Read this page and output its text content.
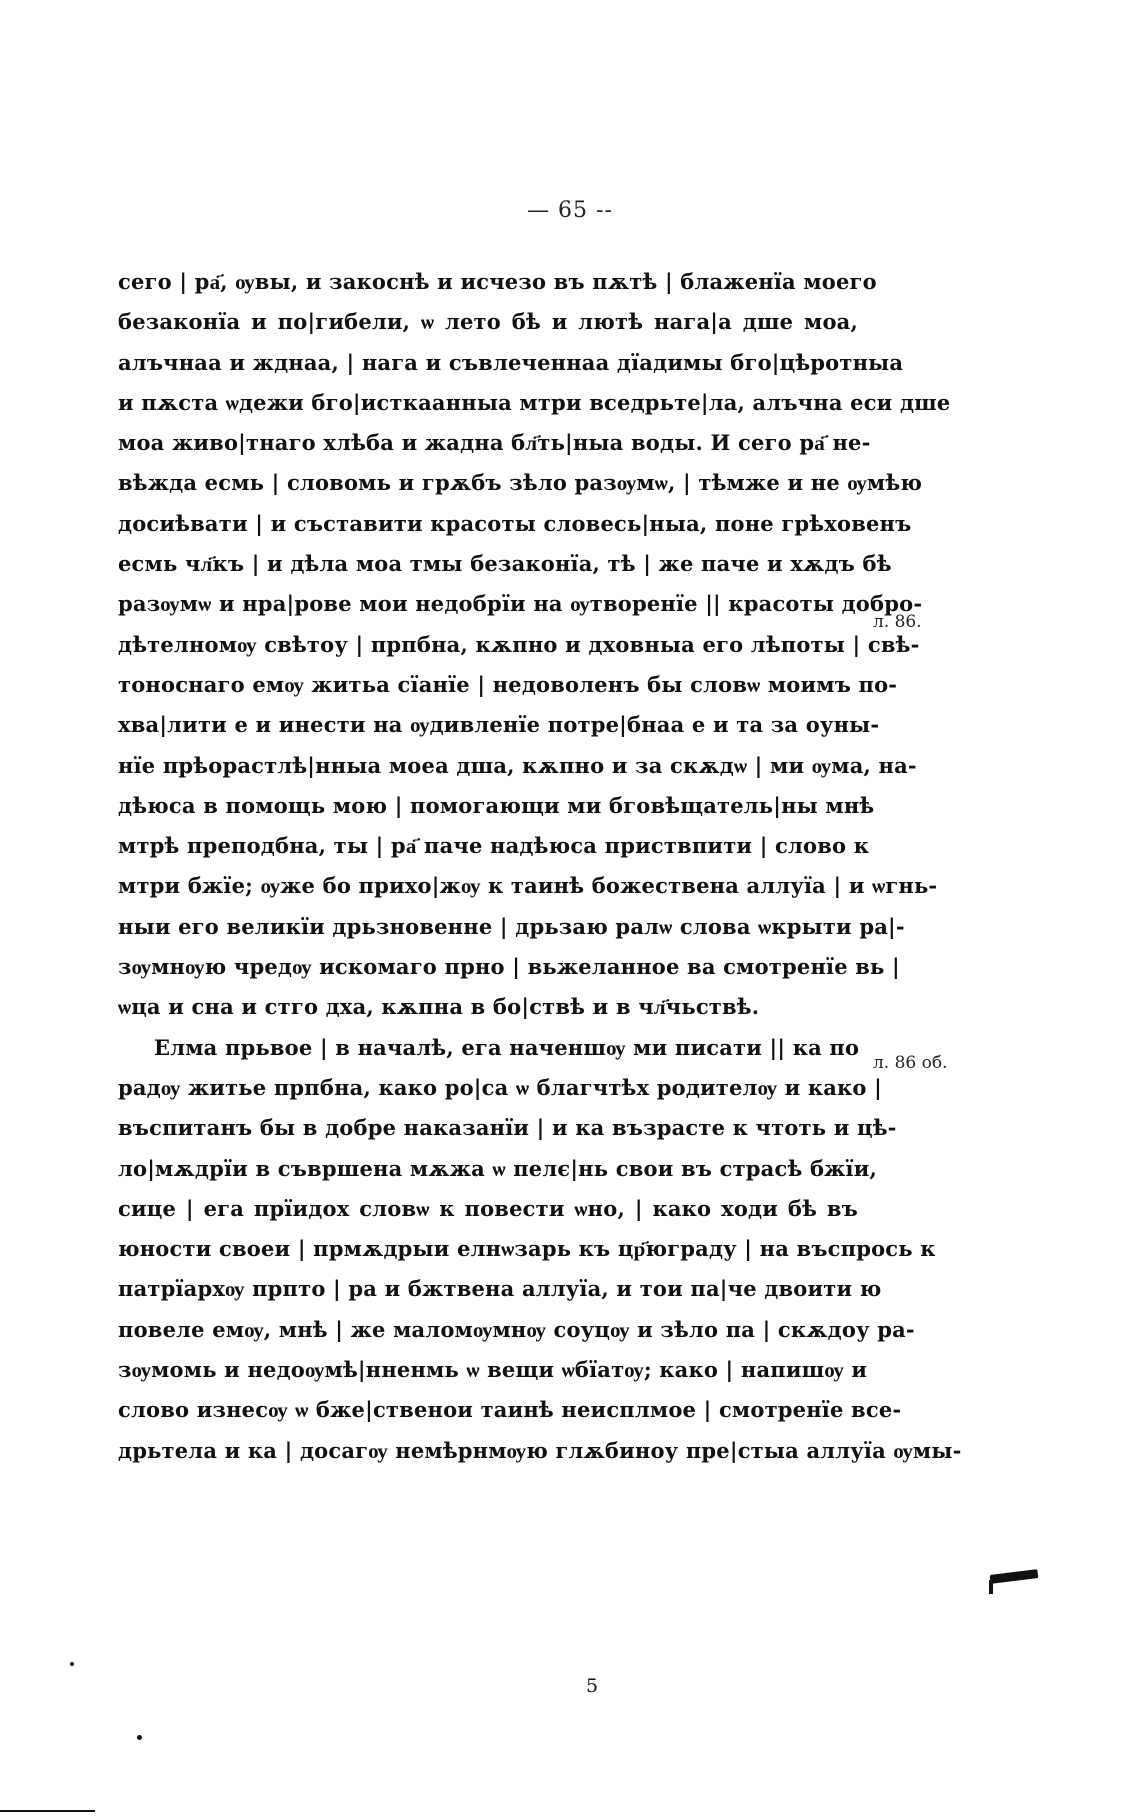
— 65 --
сего | ра҃, ѹвы, и закоснѣ и исчезо въ пѫтѣ | блаженїа моего
безаконїа и по|гибели, ѡ лето бѣ и лютѣ нага|а дше моа,
алъчнаа и жднаа, | нага и съвлеченнаа дїадимы бго|цѣротныа
и пѫста ѡдежи бго|исткаанныа мтри вседрьте|ла, алъчна еси дше
моа живо|тнаго хлѣба и жаднa бл҃ть|ныа воды. И сего ра҃ не-
вѣжда есмь | словомь и грѫбъ зѣло разѹмѡ, | тѣмже и не ѹмѣю
досиѣвати | и съставити красоты словесь|ныа, поне грѣховенъ
есмь чл҃къ | и дѣла моа тмы безаконїа, тѣ | же паче и хѫдъ бѣ
разѹмѡ и нра|рове мои недобрїи на ѹтворенїе || красоты добро-
дѣтелномѹ свѣтоу | прпбна, кѫпно и дховныа его лѣпоты | свѣ-
тоноснаго емѹ житьа сїанїе | недоволенъ бы словѡ моимъ по-
хва|лити е и инести на ѹдивленїе потре|бнаа е и та за оуны-
нїе прѣорастлѣ|нныа моеа дша, кѫпно и за скѫдѡ | ми ѹма, на-
дѣюса в помощь мою | помогающи ми бговѣщатель|ны мнѣ
мтрѣ преподбна, ты | ра҃ паче надѣюса приствпити | слово к
мтри бжїе; ѹже бо прихо|жѹ к таинѣ божествена аллуїа | и ѡгнь-
ныи его великїи дрьзновенне | дрьзаю ралѡ слова ѡкрыти ра|-
зѹмнѹю чредѹ искомаго прно | вьжеланное ва смотренїе вь |
ѡца и сна и стго дха, кѫпна в бо|ствѣ и в чл҃чьствѣ.
Елма прьвое | в началѣ, ега наченшѹ ми писати || ка по
радѹ житье прпбна, како ро|са ѡ благчтѣх родителѹ и како |
въспитанъ бы в добре наказанїи | и ка възрасте к чтоть и цѣ-
ло|мѫдрїи в съвршена мѫжа ѡ пелє|нь свои въ страсѣ бжїи,
сице | ега прїидох словѡ к повести ѡно, | како ходи бѣ въ
юности своеи | прмѫдрыи елнѡзарь къ цр҃юграду | на въспрось к
патрїархѹ прпто | ра и бжтвена аллуїа, и тои па|че двоити ю
повеле емѹ, мнѣ | же маломѹмнѹ соуцѹ и зѣло па | скѫдоу ра-
зѹмомь и недоѹмѣ|нненмь ѡ вещи ѡбїатѹ; како | напишѹ и
слово изнесѹ ѡ бже|ственои таинѣ неисплмое | смотренїе все-
дрьтела и ка | досагѹ немѣрнмѹю глѫбиноу пре|стыа аллуїа ѹмы-
л. 86.
л. 86 об.
5
